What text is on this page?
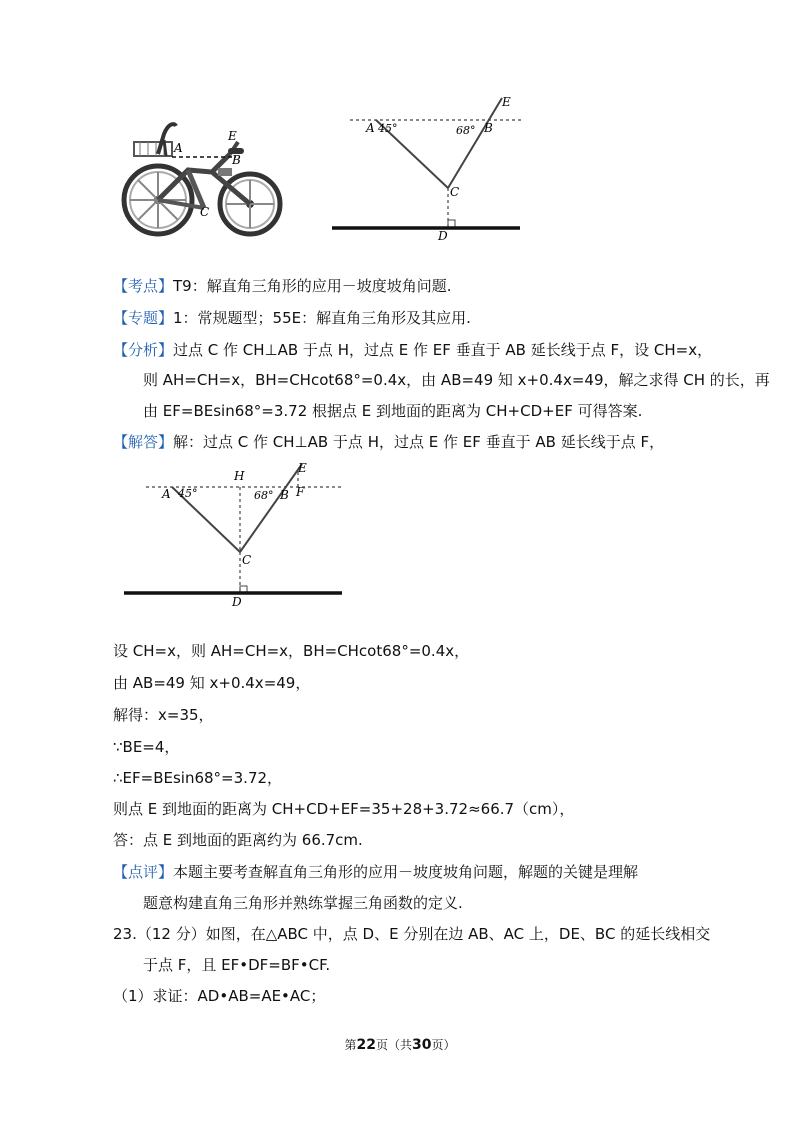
E
A
B
C
E
A 45°	68° B
C
D
【考点】T9：解直角三角形的应用－坡度坡角问题.
【专题】1：常规题型；55E：解直角三角形及其应用.
【分析】过点 C 作 CH⊥AB 于点 H，过点 E 作 EF 垂直于 AB 延长线于点 F，设 CH=x，
则 AH=CH=x，BH=CHcot68°=0.4x，由 AB=49 知 x+0.4x=49，解之求得 CH 的长，再
由 EF=BEsin68°=3.72 根据点 E 到地面的距离为 CH+CD+EF 可得答案.
【解答】解：过点 C 作 CH⊥AB 于点 H，过点 E 作 EF 垂直于 AB 延长线于点 F，
H
E
F
A 45°	68° B
C
D
设 CH=x，则 AH=CH=x，BH=CHcot68°=0.4x，
由 AB=49 知 x+0.4x=49，
解得：x=35，
∵BE=4，
∴EF=BEsin68°=3.72，
则点 E 到地面的距离为 CH+CD+EF=35+28+3.72≈66.7（cm），
答：点 E 到地面的距离约为 66.7cm.
【点评】本题主要考查解直角三角形的应用－坡度坡角问题，解题的关键是理解
题意构建直角三角形并熟练掌握三角函数的定义.
23.（12 分）如图，在△ABC 中，点 D、E 分别在边 AB、AC 上，DE、BC 的延长线相交
于点 F，且 EF•DF=BF•CF.
（1）求证：AD•AB=AE•AC；
第22页（共30页）
